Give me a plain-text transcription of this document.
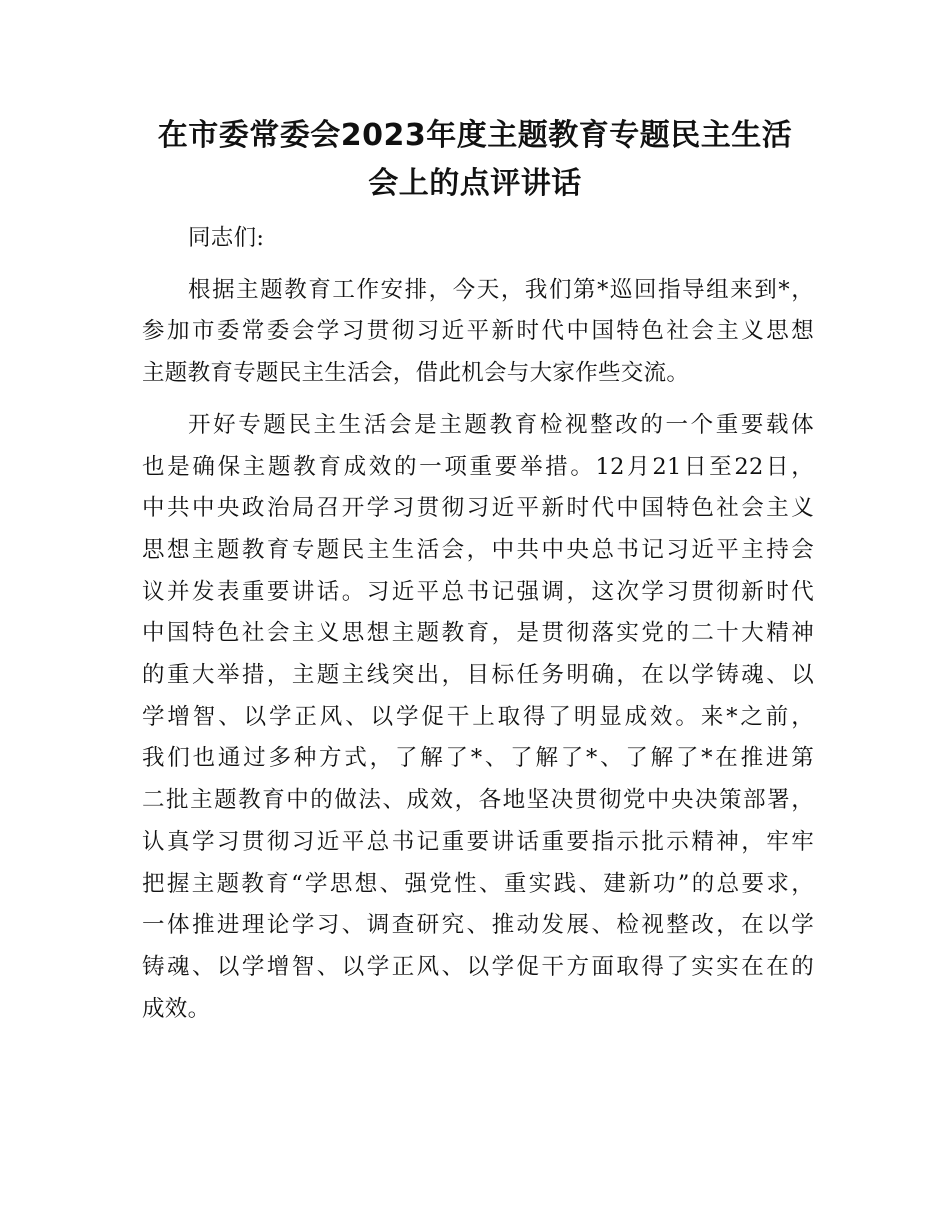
在市委常委会2023年度主题教育专题民主生活
会上的点评讲话
同志们:
根据主题教育工作安排，今天，我们第*巡回指导组来到*，
参加市委常委会学习贯彻习近平新时代中国特色社会主义思想
主题教育专题民主生活会，借此机会与大家作些交流。
开好专题民主生活会是主题教育检视整改的一个重要载体
也是确保主题教育成效的一项重要举措。12月21日至22日，
中共中央政治局召开学习贯彻习近平新时代中国特色社会主义
思想主题教育专题民主生活会，中共中央总书记习近平主持会
议并发表重要讲话。习近平总书记强调，这次学习贯彻新时代
中国特色社会主义思想主题教育，是贯彻落实党的二十大精神
的重大举措，主题主线突出，目标任务明确，在以学铸魂、以
学增智、以学正风、以学促干上取得了明显成效。来*之前，
我们也通过多种方式，了解了*、了解了*、了解了*在推进第
二批主题教育中的做法、成效，各地坚决贯彻党中央决策部署，
认真学习贯彻习近平总书记重要讲话重要指示批示精神，牢牢
把握主题教育“学思想、强党性、重实践、建新功”的总要求，
一体推进理论学习、调查研究、推动发展、检视整改，在以学
铸魂、以学增智、以学正风、以学促干方面取得了实实在在的
成效。
